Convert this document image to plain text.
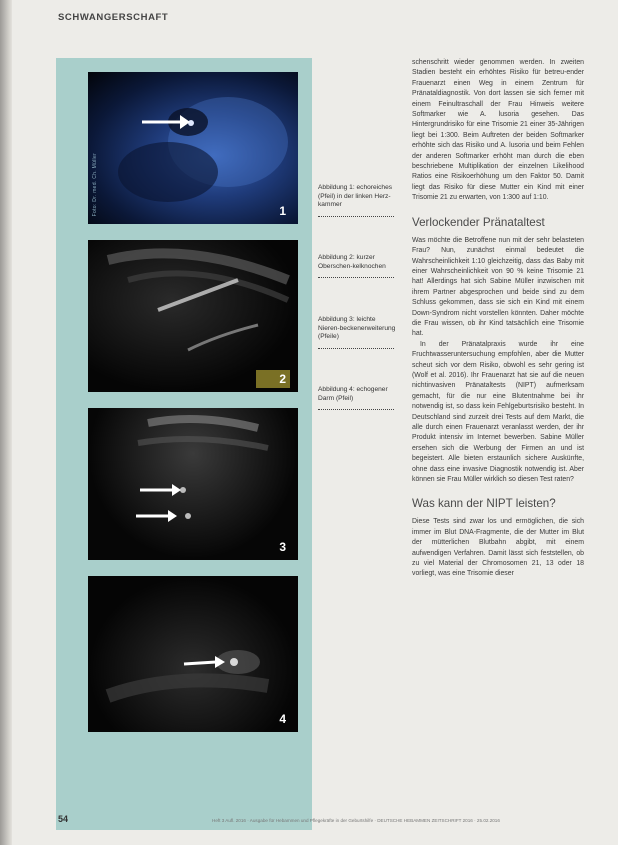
SCHWANGERSCHAFT
Foto: Dr. med. Ch. Müller	1
2
3
4
Abbildung 1: echoreiches (Pfeil) in der linken Herz-kammer
Abbildung 2: kurzer Oberschen-kelknochen
Abbildung 3: leichte Nieren-beckenerweiterung (Pfeile)
Abbildung 4: echogener Darm (Pfeil)

schenschritt wieder genommen werden. In zweiten Stadien besteht ein erhöhtes Risiko für betreu-ender Frauenarzt einen Weg in einem Zentrum für Pränataldiagnostik. Von dort lassen sie sich ferner mit einem Feinultraschall der Frau Hinweis weitere Softmarker wie A. lusoria gesehen. Das Hintergrundrisiko für eine Trisomie 21 einer 35-Jährigen liegt bei 1:300. Beim Auftreten der beiden Softmarker erhöhte sich das Risiko und A. lusoria und beim Fehlen der anderen Softmarker erhöht man durch die eben beschriebene Multiplikation der einzelnen Likelihood Ratios eine Risikoerhöhung um den Faktor 50. Damit liegt das Risiko für diese Mutter ein Kind mit einer Trisomie 21 zu erwarten, von 1:300 auf 1:10.

Verlockender Pränataltest

Was möchte die Betroffene nun mit der sehr belasteten Frau? Nun, zunächst einmal bedeutet die Wahrscheinlichkeit 1:10 gleichzeitig, dass das Baby mit einer Wahrscheinlichkeit von 90 % keine Trisomie 21 hat! Allerdings hat sich Sabine Müller inzwischen mit ihrem Partner abgesprochen und beide sind zu dem Schluss gekommen, dass sie sich ein Kind mit einem Down-Syndrom nicht vorstellen könnten. Daher möchte die Frau wissen, ob ihr Kind tatsächlich eine Trisomie hat.

In der Pränatalpraxis wurde ihr eine Fruchtwasseruntersuchung empfohlen, aber die Mutter scheut sich vor dem Risiko, obwohl es sehr gering ist (Wolf et al. 2016). Ihr Frauenarzt hat sie auf die neuen nichtinvasiven Pränataltests (NIPT) aufmerksam gemacht, für die nur eine Blutentnahme bei ihr notwendig ist, so dass kein Fehlgeburtsrisiko besteht. In Deutschland sind zurzeit drei Tests auf dem Markt, die alle durch einen Frauenarzt veranlasst werden, der ihr Produkt intensiv im Internet bewerben. Sabine Müller ersehen sich die Werbung der Firmen an und ist begeistert. Alle bieten erstaunlich sichere Auskünfte, ohne dass eine invasive Diagnostik notwendig ist. Aber können sie Frau Müller wirklich so diesen Test raten?

Was kann der NIPT leisten?

Diese Tests sind zwar los und ermöglichen, die sich immer im Blut DNA-Fragmente, die der Mutter im Blut der mütterlichen Blutbahn abgibt, mit einem aufwendigen Verfahren. Damit lässt sich feststellen, ob zu viel Material der Chromosomen 21, 13 oder 18 vorliegt, was eine Trisomie dieser

54	Heft 3 Aufl. 2016 · Ausgabe für Hebammen und Pflegekräfte in der Geburtshilfe · DEUTSCHE HEBAMMEN ZEITSCHRIFT 2016 · 25.02.2016
